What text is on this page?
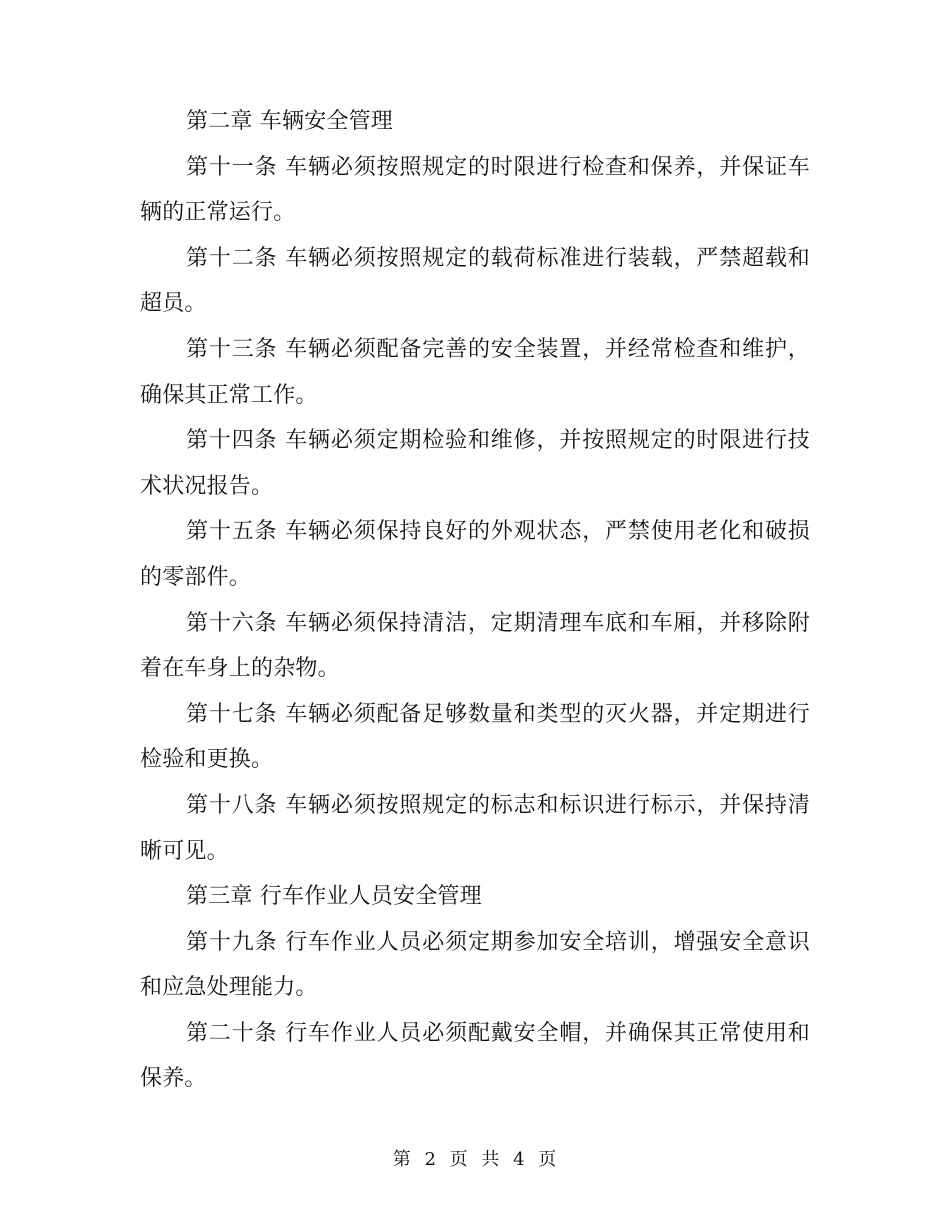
第二章 车辆安全管理

第十一条 车辆必须按照规定的时限进行检查和保养，并保证车辆的正常运行。

第十二条 车辆必须按照规定的载荷标准进行装载，严禁超载和超员。

第十三条 车辆必须配备完善的安全装置，并经常检查和维护，确保其正常工作。

第十四条 车辆必须定期检验和维修，并按照规定的时限进行技术状况报告。

第十五条 车辆必须保持良好的外观状态，严禁使用老化和破损的零部件。

第十六条 车辆必须保持清洁，定期清理车底和车厢，并移除附着在车身上的杂物。

第十七条 车辆必须配备足够数量和类型的灭火器，并定期进行检验和更换。

第十八条 车辆必须按照规定的标志和标识进行标示，并保持清晰可见。

第三章 行车作业人员安全管理

第十九条 行车作业人员必须定期参加安全培训，增强安全意识和应急处理能力。

第二十条 行车作业人员必须配戴安全帽，并确保其正常使用和保养。

第 2 页 共 4 页
